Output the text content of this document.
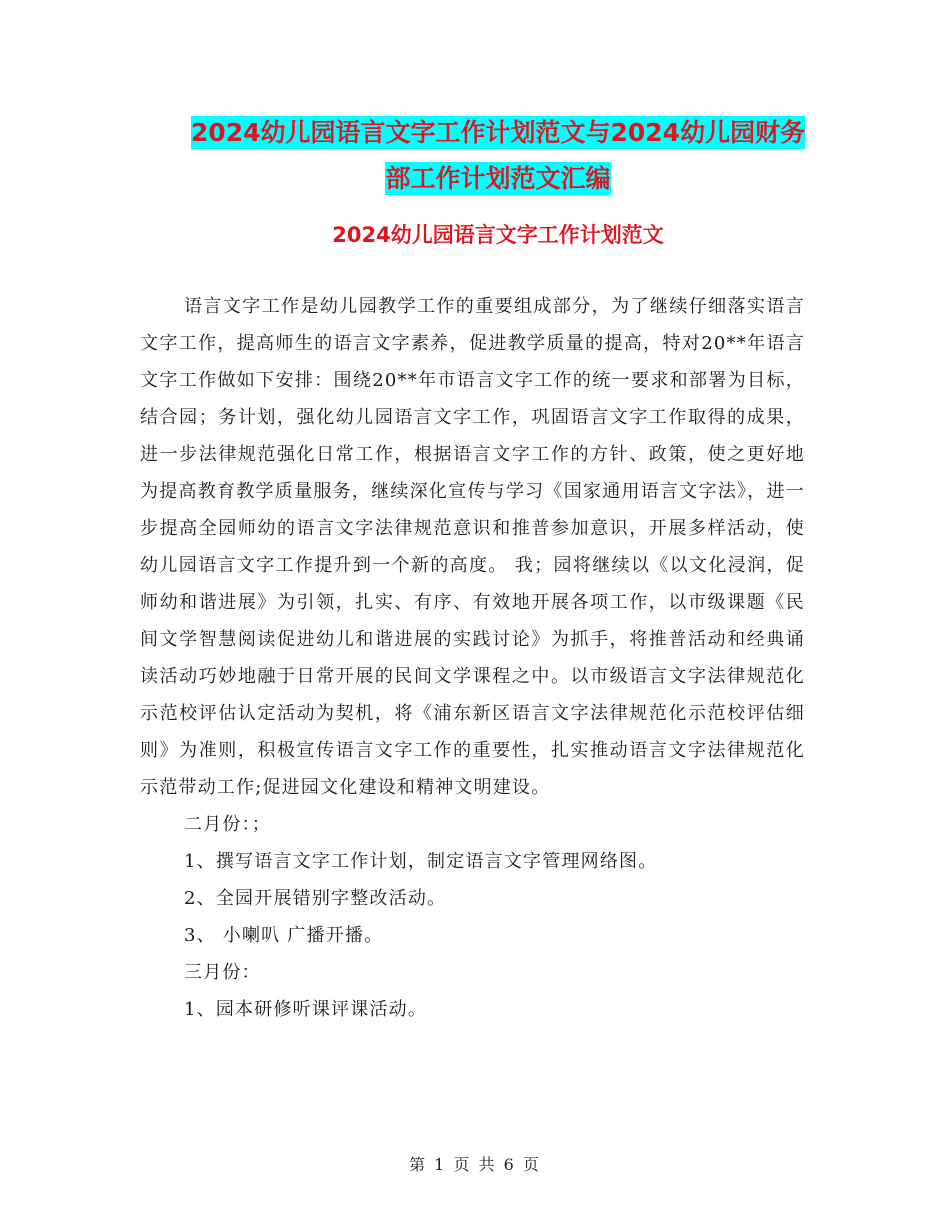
2024幼儿园语言文字工作计划范文与2024幼儿园财务
部工作计划范文汇编
2024幼儿园语言文字工作计划范文

语言文字工作是幼儿园教学工作的重要组成部分，为了继续仔细落实语言文字工作，提高师生的语言文字素养，促进教学质量的提高，特对20**年语言文字工作做如下安排：围绕20**年市语言文字工作的统一要求和部署为目标，结合园；务计划，强化幼儿园语言文字工作，巩固语言文字工作取得的成果，进一步法律规范强化日常工作，根据语言文字工作的方针、政策，使之更好地为提高教育教学质量服务，继续深化宣传与学习《国家通用语言文字法》，进一步提高全园师幼的语言文字法律规范意识和推普参加意识，开展多样活动，使幼儿园语言文字工作提升到一个新的高度。 我；园将继续以《以文化浸润，促师幼和谐进展》为引领，扎实、有序、有效地开展各项工作，以市级课题《民间文学智慧阅读促进幼儿和谐进展的实践讨论》为抓手，将推普活动和经典诵读活动巧妙地融于日常开展的民间文学课程之中。以市级语言文字法律规范化示范校评估认定活动为契机，将《浦东新区语言文字法律规范化示范校评估细则》为准则，积极宣传语言文字工作的重要性，扎实推动语言文字法律规范化示范带动工作;促进园文化建设和精神文明建设。

二月份：；

1、撰写语言文字工作计划，制定语言文字管理网络图。

2、全园开展错别字整改活动。

3、 小喇叭 广播开播。

三月份：

1、园本研修听课评课活动。

第 1 页 共 6 页
